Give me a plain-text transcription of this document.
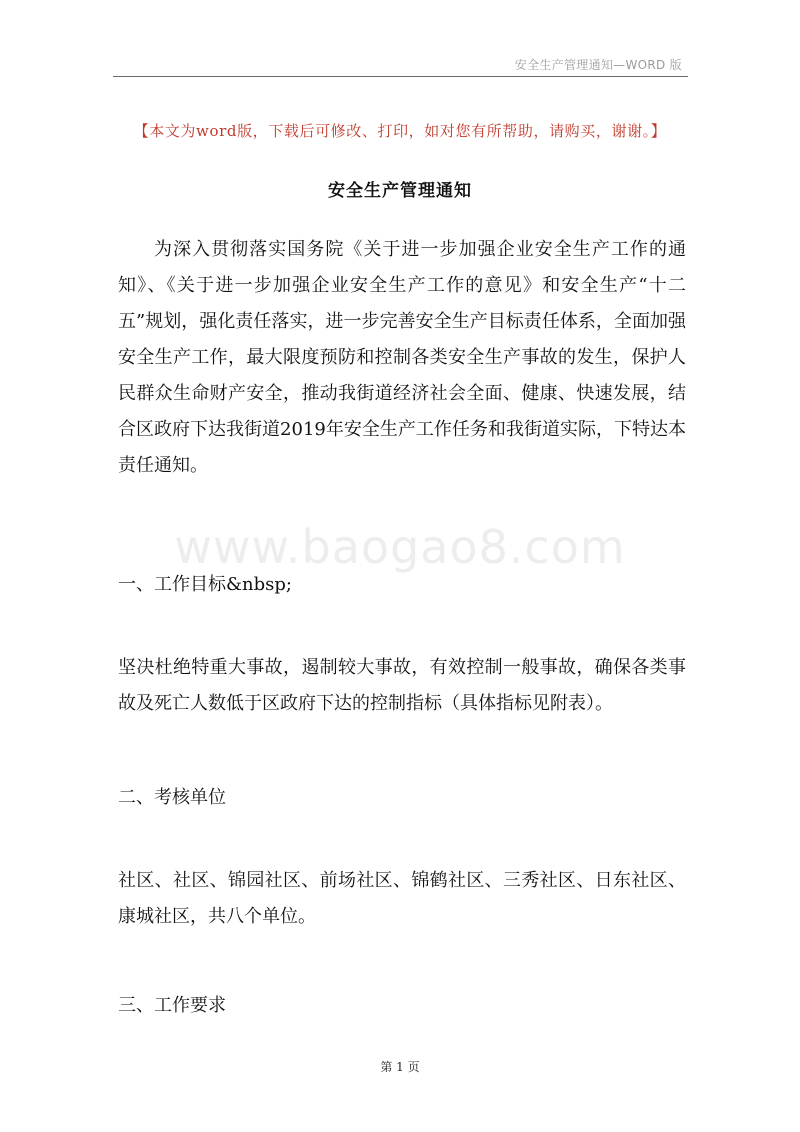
安全生产管理通知—WORD 版
【本文为word版，下载后可修改、打印，如对您有所帮助，请购买，谢谢。】
安全生产管理通知
为深入贯彻落实国务院《关于进一步加强企业安全生产工作的通知》、《关于进一步加强企业安全生产工作的意见》和安全生产“十二五”规划，强化责任落实，进一步完善安全生产目标责任体系，全面加强安全生产工作，最大限度预防和控制各类安全生产事故的发生，保护人民群众生命财产安全，推动我街道经济社会全面、健康、快速发展，结合区政府下达我街道2019年安全生产工作任务和我街道实际，下特达本责任通知。
www.baogao8.com
一、工作目标&nbsp;
坚决杜绝特重大事故，遏制较大事故，有效控制一般事故，确保各类事故及死亡人数低于区政府下达的控制指标（具体指标见附表）。
二、考核单位
社区、社区、锦园社区、前场社区、锦鹤社区、三秀社区、日东社区、康城社区，共八个单位。
三、工作要求
第 1 页
